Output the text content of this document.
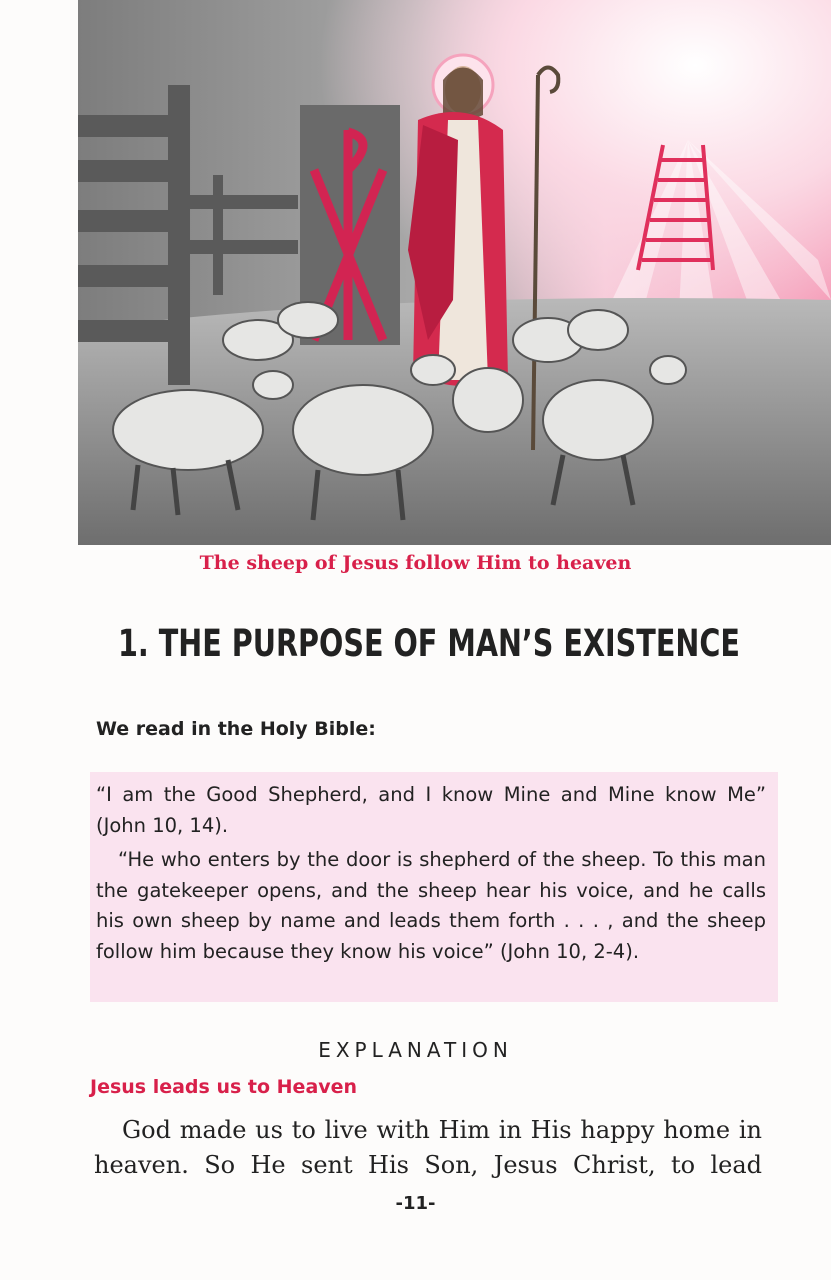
The sheep of Jesus follow Him to heaven
1. THE PURPOSE OF MAN’S EXISTENCE
We read in the Holy Bible:
“I am the Good Shepherd, and I know Mine and Mine know Me” (John 10, 14).
“He who enters by the door is shepherd of the sheep. To this man the gatekeeper opens, and the sheep hear his voice, and he calls his own sheep by name and leads them forth . . . , and the sheep follow him because they know his voice” (John 10, 2-4).
EXPLANATION
Jesus leads us to Heaven
God made us to live with Him in His happy home in heaven. So He sent His Son, Jesus Christ, to lead
-11-
